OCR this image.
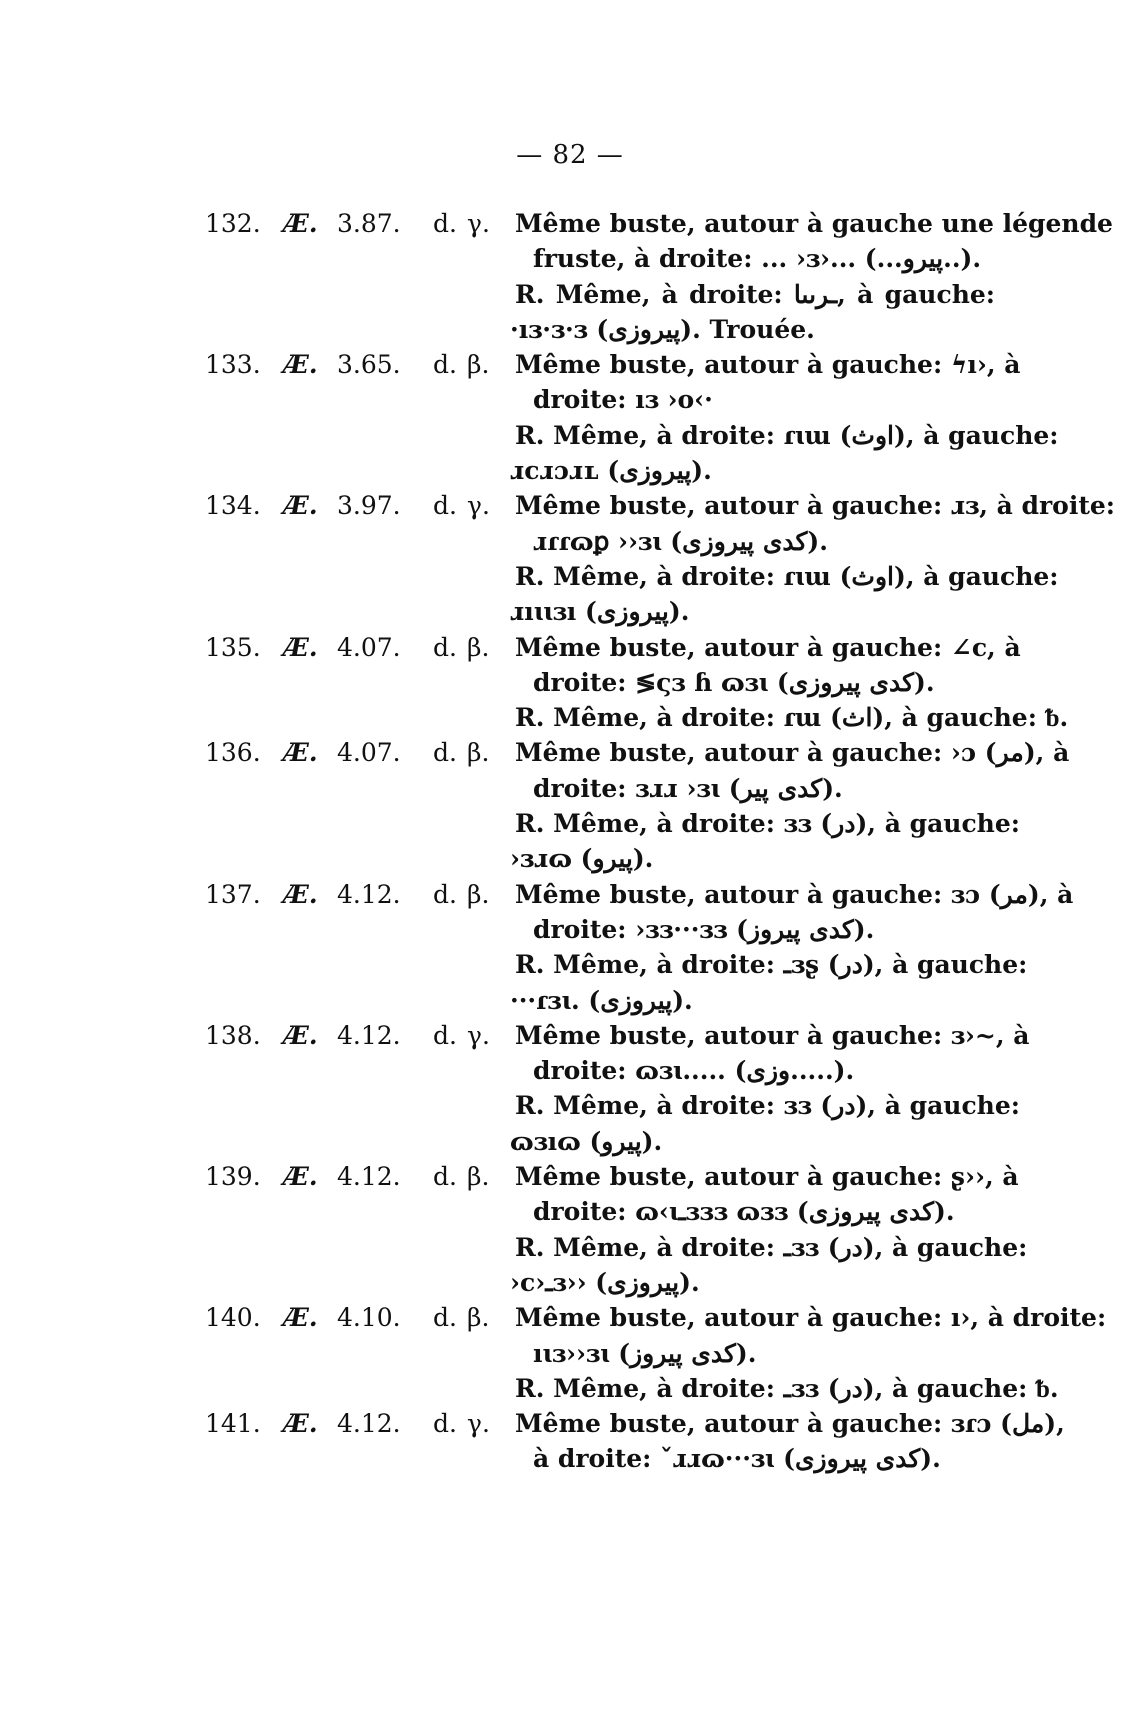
— 82 —
132. Æ. 3.87. d. γ. Même buste, autour à gauche une légende
fruste, à droite: ... ›ɜ›... (...پیرو..).
R. Même, à droite: ـرىىا, à gauche:
·ıɜ·ɜ·ɜ (پیروزی). Trouée.
133. Æ. 3.65. d. β. Même buste, autour à gauche: ϟı›, à
droite: ıɜ ›o‹·
R. Même, à droite: ɾɩɯ (اوث), à gauche:
ɹcɹɔɹʟ (پیروزی).
134. Æ. 3.97. d. γ. Même buste, autour à gauche: ɹɜ, à droite:
ɹɾɾɷꝑ ››ɜɩ (کدی پیروزی).
R. Même, à droite: ɾɩɯ (اوث), à gauche:
ɹıɩɩɜı (پیروزی).
135. Æ. 4.07. d. β. Même buste, autour à gauche: ∠c, à
droite: ≶ςɜ ɦ ɷɜɩ (کدی پیروزی).
R. Même, à droite: ɾɯ (اث), à gauche: ᵬ.
136. Æ. 4.07. d. β. Même buste, autour à gauche: ›ɔ (مر), à
droite: ɜɹɹ ›ɜɩ (کدی پیر).
R. Même, à droite: ɜɜ (در), à gauche:
›ɜɹɷ (پیرو).
137. Æ. 4.12. d. β. Même buste, autour à gauche: ɜɔ (مر), à
droite: ›ɜɜ···ɜɜ (کدی پیروز).
R. Même, à droite: ـɜʂ (در), à gauche:
···ɾɜɩ. (پیروزی).
138. Æ. 4.12. d. γ. Même buste, autour à gauche: ɜ›~, à
droite: ɷɜɩ..... (وزی.....).
R. Même, à droite: ɜɜ (در), à gauche:
ɷɜıɷ (پیرو).
139. Æ. 4.12. d. β. Même buste, autour à gauche: ʂ››, à
droite: ɷ‹ɩـɜɜɜ ɷɜɜ (کدی پیروزی).
R. Même, à droite: ـɜɜ (در), à gauche:
›c›ـɜ›› (پیروزی).
140. Æ. 4.10. d. β. Même buste, autour à gauche: ı›, à droite:
ıɩɜ››ɜɩ (کدی پیروز).
R. Même, à droite: ـɜɜ (در), à gauche: ᵬ.
141. Æ. 4.12. d. γ. Même buste, autour à gauche: ɜɾɔ (مل),
à droite: ˇɹɹɷ···ɜɩ (کدی پیروزی).
